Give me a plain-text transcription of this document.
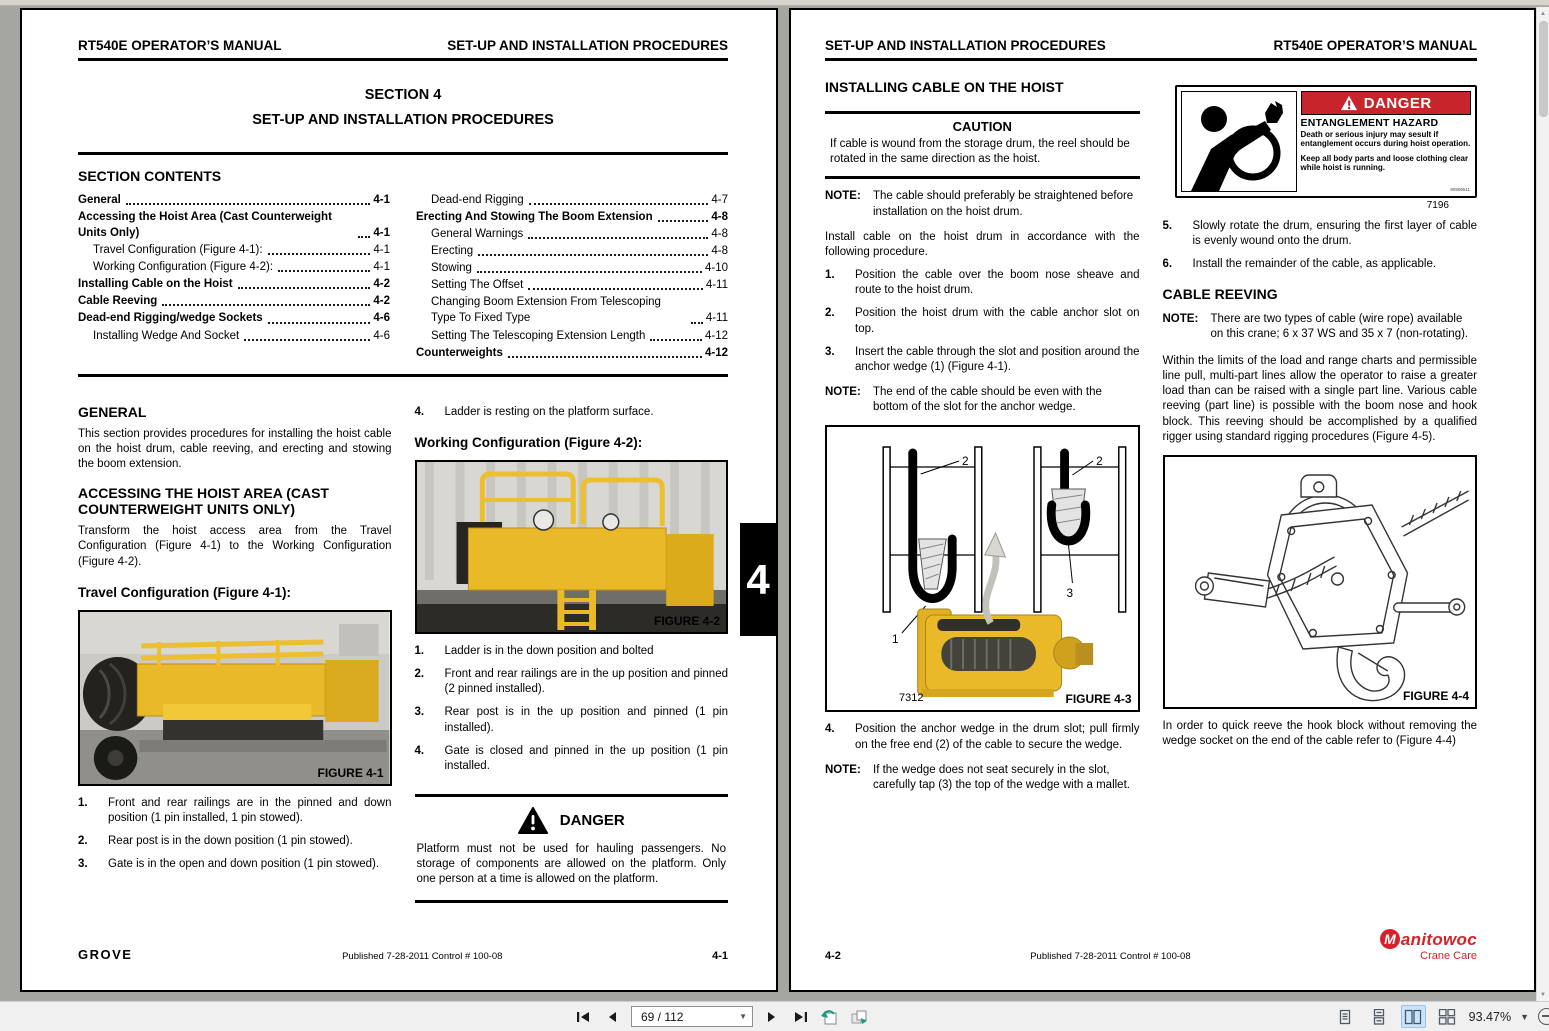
RT540E OPERATOR’S MANUAL	SET-UP AND INSTALLATION PROCEDURES
SECTION 4
SET-UP AND INSTALLATION PROCEDURES
SECTION CONTENTS
General	4-1
Accessing the Hoist Area (Cast Counterweight Units Only)	4-1
Travel Configuration (Figure 4-1):	4-1
Working Configuration (Figure 4-2):	4-1
Installing Cable on the Hoist	4-2
Cable Reeving	4-2
Dead-end Rigging/wedge Sockets	4-6
Installing Wedge And Socket	4-6
Dead-end Rigging	4-7
Erecting And Stowing The Boom Extension	4-8
General Warnings	4-8
Erecting	4-8
Stowing	4-10
Setting The Offset	4-11
Changing Boom Extension From Telescoping Type To Fixed Type	4-11
Setting The Telescoping Extension Length	4-12
Counterweights	4-12
GENERAL

This section provides procedures for installing the hoist cable on the hoist drum, cable reeving, and erecting and stowing the boom extension.

ACCESSING THE HOIST AREA (CAST COUNTERWEIGHT UNITS ONLY)

Transform the hoist access area from the Travel Configuration (Figure 4-1) to the Working Configuration (Figure 4-2).

Travel Configuration (Figure 4-1):
FIGURE 4-1
1.	Front and rear railings are in the pinned and down position (1 pin installed, 1 pin stowed).
2.	Rear post is in the down position (1 pin stowed).
3.	Gate is in the open and down position (1 pin stowed).
4.	Ladder is resting on the platform surface.
Working Configuration (Figure 4-2):
FIGURE 4-2
1.	Ladder is in the down position and bolted
2.	Front and rear railings are in the up position and pinned (2 pinned installed).
3.	Rear post is in the up position and pinned (1 pin installed).
4.	Gate is closed and pinned in the up position (1 pin installed.
DANGER

Platform must not be used for hauling passengers. No storage of components are allowed on the platform. Only one person at a time is allowed on the platform.

4
GROVE	Published 7-28-2011 Control # 100-08	4-1
SET-UP AND INSTALLATION PROCEDURES	RT540E OPERATOR’S MANUAL
INSTALLING CABLE ON THE HOIST
CAUTION

If cable is wound from the storage drum, the reel should be rotated in the same direction as the hoist.

NOTE:	The cable should preferably be straightened before installation on the hoist drum.

Install cable on the hoist drum in accordance with the following procedure.

1.	Position the cable over the boom nose sheave and route to the hoist drum.
2.	Position the hoist drum with the cable anchor slot on top.
3.	Insert the cable through the slot and position around the anchor wedge (1) (Figure 4-1).
NOTE:	The end of the cable should be even with the bottom of the slot for the anchor wedge.
2
1
2
3
7312	FIGURE 4-3
4.	Position the anchor wedge in the drum slot; pull firmly on the free end (2) of the cable to secure the wedge.
NOTE:	If the wedge does not seat securely in the slot, carefully tap (3) the top of the wedge with a mallet.
DANGER
ENTANGLEMENT HAZARD

Death or serious injury may sesult if entanglement occurs during hoist operation.

Keep all body parts and loose clothing clear while hoist is running.

80906511
7196
5.	Slowly rotate the drum, ensuring the first layer of cable is evenly wound onto the drum.
6.	Install the remainder of the cable, as applicable.
CABLE REEVING
NOTE:	There are two types of cable (wire rope) available on this crane; 6 x 37 WS and 35 x 7 (non-rotating).

Within the limits of the load and range charts and permissible line pull, multi-part lines allow the operator to raise a greater load than can be raised with a single part line. Various cable reeving (part line) is possible with the boom nose and hook block. This reeving should be accomplished by a qualified rigger using standard rigging procedures (Figure 4-5).

FIGURE 4-4

In order to quick reeve the hook block without removing the wedge socket on the end of the cable refer to (Figure 4-4)

4-2	Published 7-28-2011 Control # 100-08
M anitowoc
Crane Care
▲
▼
69 / 112
▼	93.47% ▼
